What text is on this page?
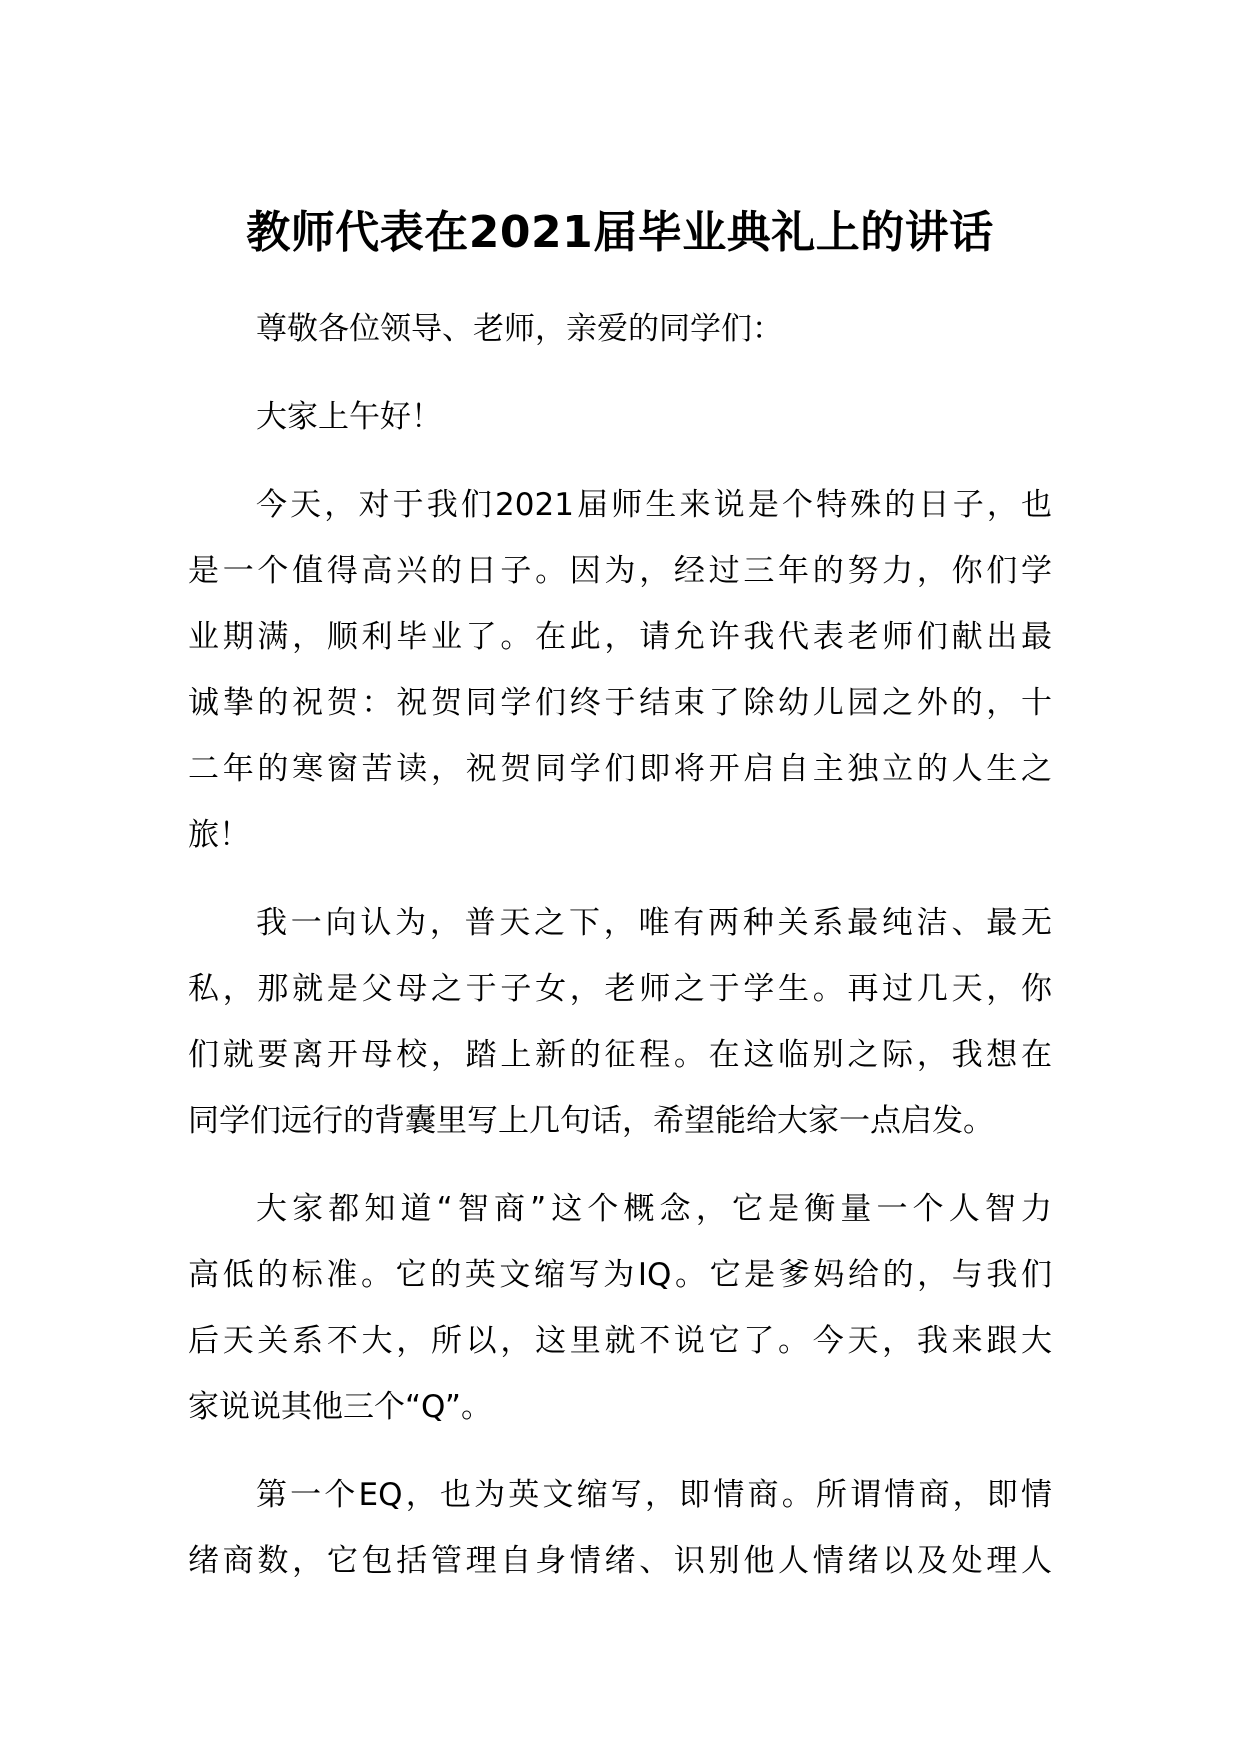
教师代表在2021届毕业典礼上的讲话

尊敬各位领导、老师，亲爱的同学们：

大家上午好！

今天，对于我们2021届师生来说是个特殊的日子，也
是一个值得高兴的日子。因为，经过三年的努力，你们学
业期满，顺利毕业了。在此，请允许我代表老师们献出最
诚挚的祝贺：祝贺同学们终于结束了除幼儿园之外的，十
二年的寒窗苦读，祝贺同学们即将开启自主独立的人生之
旅！

我一向认为，普天之下，唯有两种关系最纯洁、最无
私，那就是父母之于子女，老师之于学生。再过几天，你
们就要离开母校，踏上新的征程。在这临别之际，我想在
同学们远行的背囊里写上几句话，希望能给大家一点启发。

大家都知道“智商”这个概念，它是衡量一个人智力
高低的标准。它的英文缩写为IQ。它是爹妈给的，与我们
后天关系不大，所以，这里就不说它了。今天，我来跟大
家说说其他三个“Q”。

第一个EQ，也为英文缩写，即情商。所谓情商，即情
绪商数，它包括管理自身情绪、识别他人情绪以及处理人
